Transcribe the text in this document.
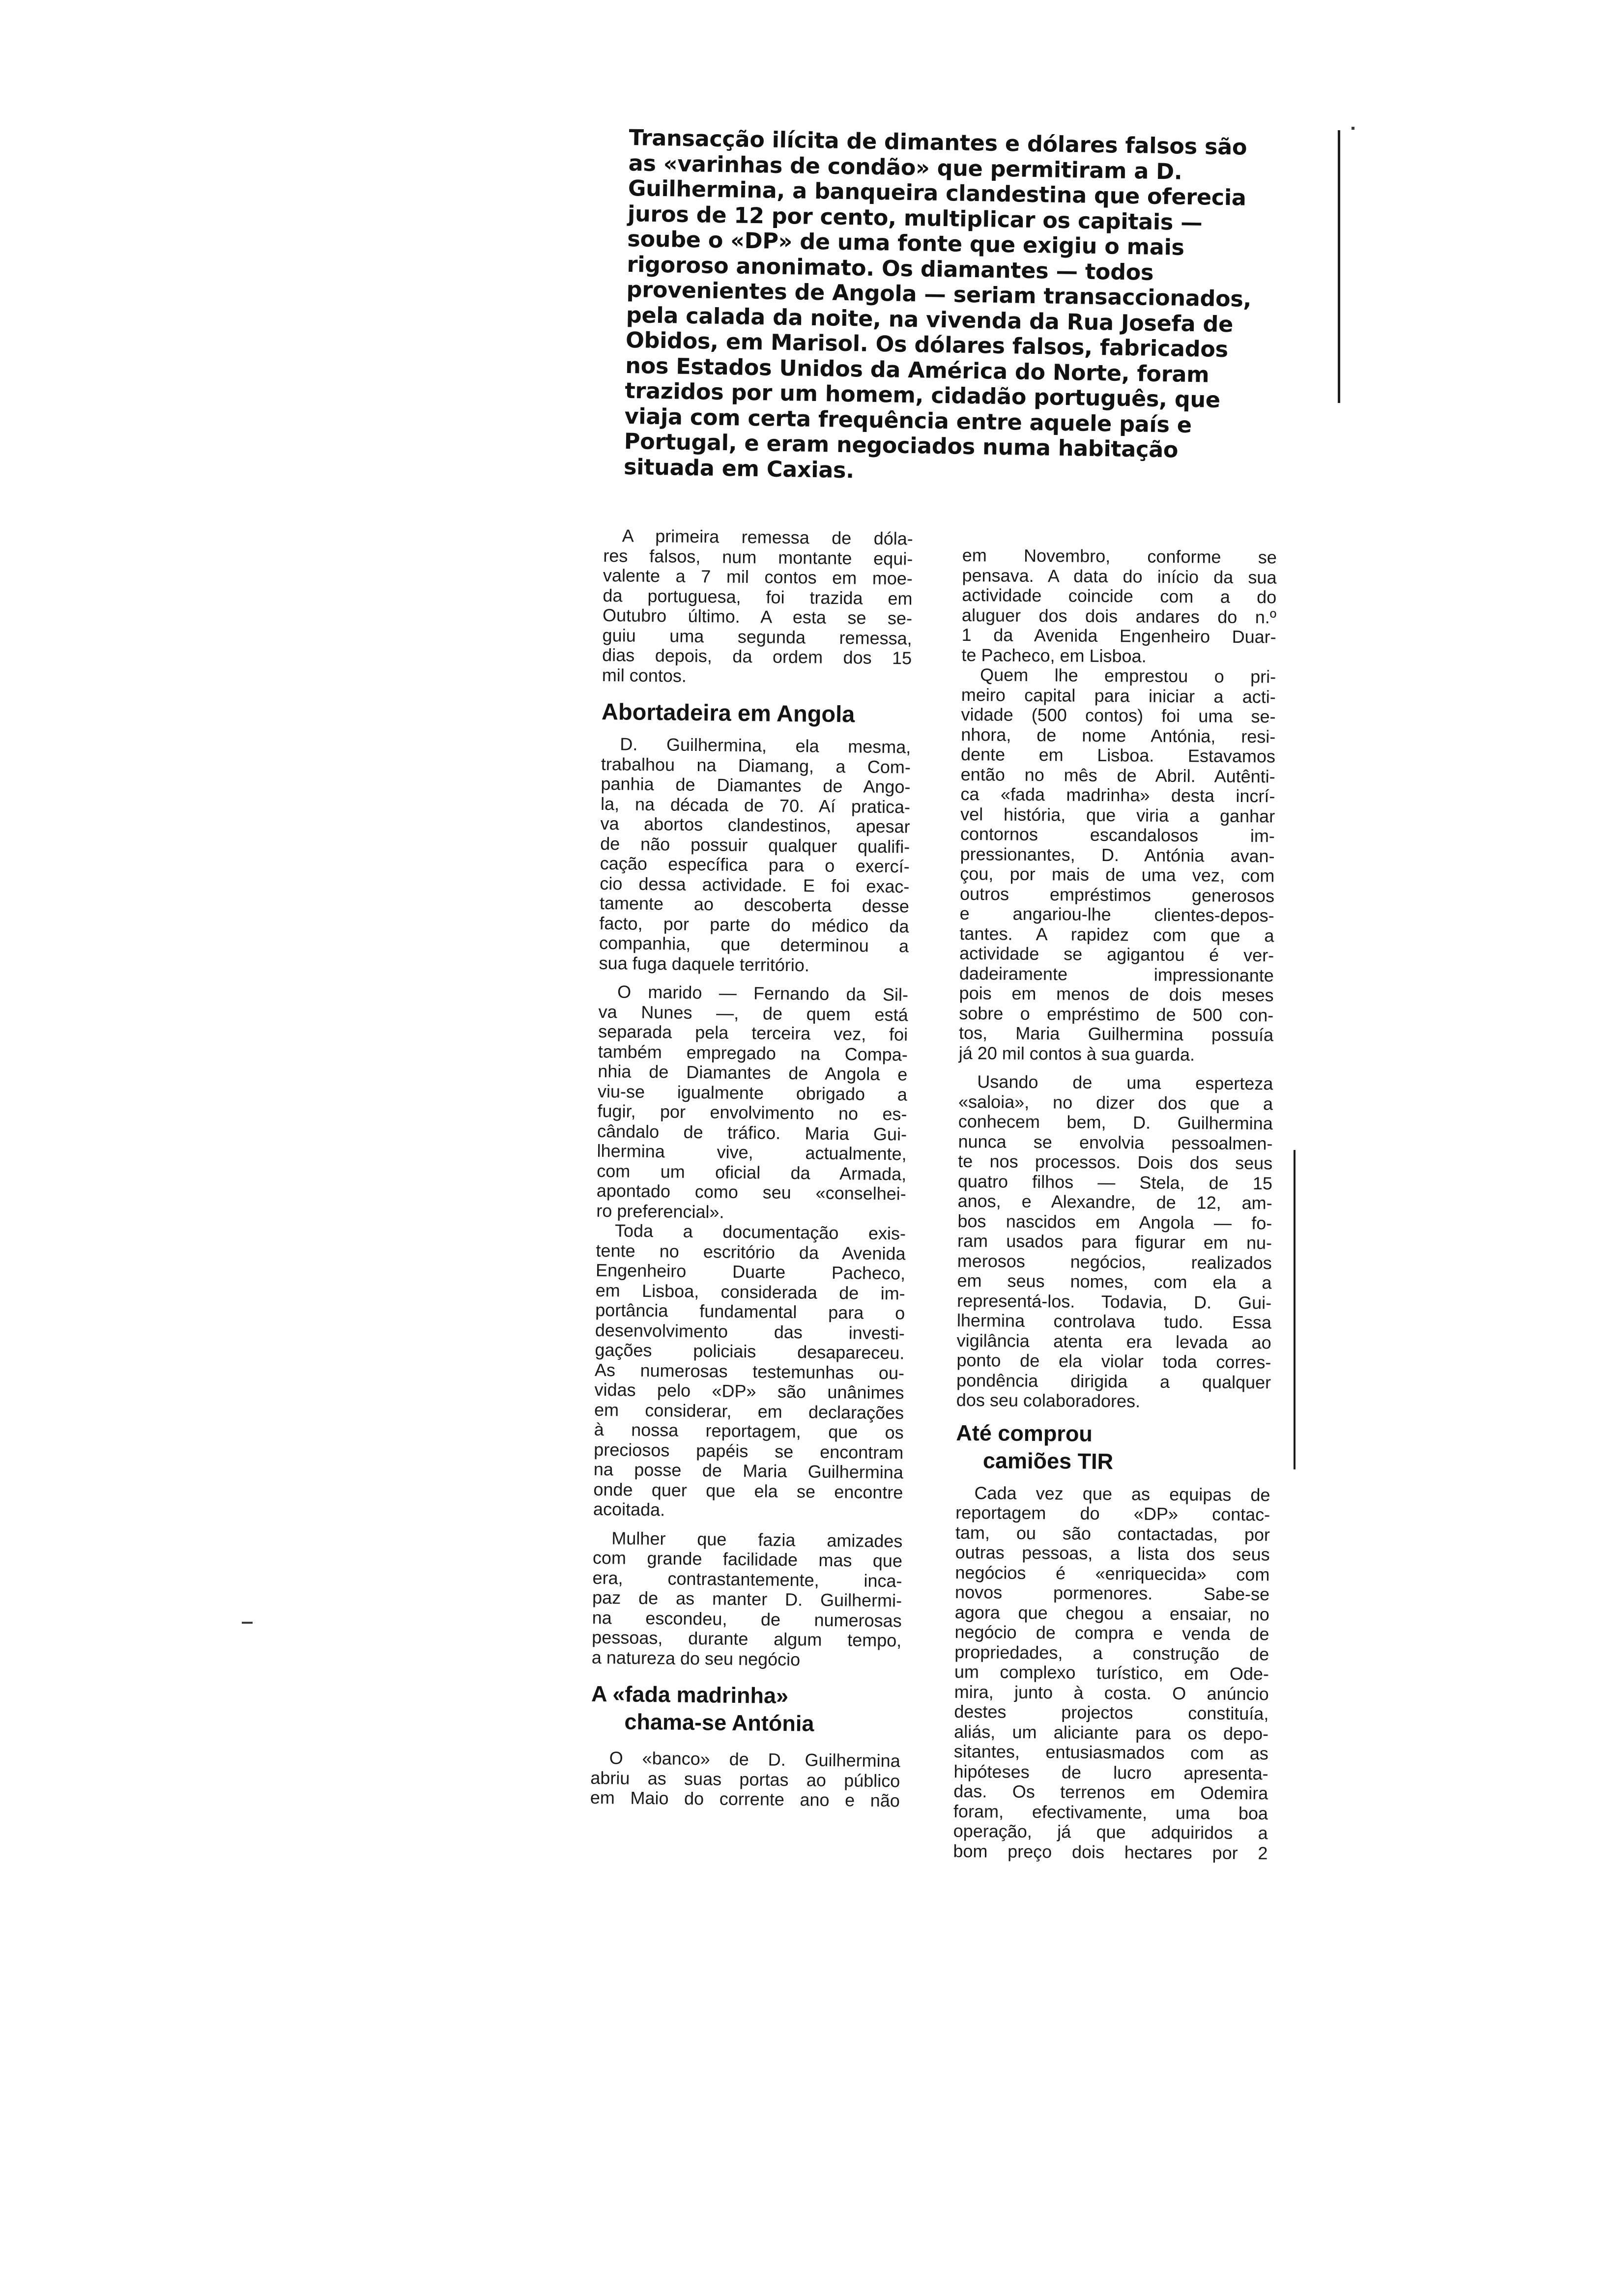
Transacção ilícita de dimantes e dólares falsos são
as «varinhas de condão» que permitiram a D.
Guilhermina, a banqueira clandestina que oferecia
juros de 12 por cento, multiplicar os capitais —
soube o «DP» de uma fonte que exigiu o mais
rigoroso anonimato. Os diamantes — todos
provenientes de Angola — seriam transaccionados,
pela calada da noite, na vivenda da Rua Josefa de
Obidos, em Marisol. Os dólares falsos, fabricados
nos Estados Unidos da América do Norte, foram
trazidos por um homem, cidadão português, que
viaja com certa frequência entre aquele país e
Portugal, e eram negociados numa habitação
situada em Caxias.
A primeira remessa de dóla-
res falsos, num montante equi-
valente a 7 mil contos em moe-
da portuguesa, foi trazida em
Outubro último. A esta se se-
guiu uma segunda remessa,
dias depois, da ordem dos 15
mil contos.
Abortadeira em Angola
D. Guilhermina, ela mesma,
trabalhou na Diamang, a Com-
panhia de Diamantes de Ango-
la, na década de 70. Aí pratica-
va abortos clandestinos, apesar
de não possuir qualquer qualifi-
cação específica para o exercí-
cio dessa actividade. E foi exac-
tamente ao descoberta desse
facto, por parte do médico da
companhia, que determinou a
sua fuga daquele território.
O marido — Fernando da Sil-
va Nunes —, de quem está
separada pela terceira vez, foi
também empregado na Compa-
nhia de Diamantes de Angola e
viu-se igualmente obrigado a
fugir, por envolvimento no es-
cândalo de tráfico. Maria Gui-
lhermina vive, actualmente,
com um oficial da Armada,
apontado como seu «conselhei-
ro preferencial».
Toda a documentação exis-
tente no escritório da Avenida
Engenheiro Duarte Pacheco,
em Lisboa, considerada de im-
portância fundamental para o
desenvolvimento das investi-
gações policiais desapareceu.
As numerosas testemunhas ou-
vidas pelo «DP» são unânimes
em considerar, em declarações
à nossa reportagem, que os
preciosos papéis se encontram
na posse de Maria Guilhermina
onde quer que ela se encontre
acoitada.
Mulher que fazia amizades
com grande facilidade mas que
era, contrastantemente, inca-
paz de as manter D. Guilhermi-
na escondeu, de numerosas
pessoas, durante algum tempo,
a natureza do seu negócio
A «fada madrinha»
chama-se Antónia
O «banco» de D. Guilhermina
abriu as suas portas ao público
em Maio do corrente ano e não
em Novembro, conforme se
pensava. A data do início da sua
actividade coincide com a do
aluguer dos dois andares do n.º
1 da Avenida Engenheiro Duar-
te Pacheco, em Lisboa.
Quem lhe emprestou o pri-
meiro capital para iniciar a acti-
vidade (500 contos) foi uma se-
nhora, de nome Antónia, resi-
dente em Lisboa. Estavamos
então no mês de Abril. Autênti-
ca «fada madrinha» desta incrí-
vel história, que viria a ganhar
contornos escandalosos im-
pressionantes, D. Antónia avan-
çou, por mais de uma vez, com
outros empréstimos generosos
e angariou-lhe clientes-depos-
tantes. A rapidez com que a
actividade se agigantou é ver-
dadeiramente impressionante
pois em menos de dois meses
sobre o empréstimo de 500 con-
tos, Maria Guilhermina possuía
já 20 mil contos à sua guarda.
Usando de uma esperteza
«saloia», no dizer dos que a
conhecem bem, D. Guilhermina
nunca se envolvia pessoalmen-
te nos processos. Dois dos seus
quatro filhos — Stela, de 15
anos, e Alexandre, de 12, am-
bos nascidos em Angola — fo-
ram usados para figurar em nu-
merosos negócios, realizados
em seus nomes, com ela a
representá-los. Todavia, D. Gui-
lhermina controlava tudo. Essa
vigilância atenta era levada ao
ponto de ela violar toda corres-
pondência dirigida a qualquer
dos seu colaboradores.
Até comprou
camiões TIR
Cada vez que as equipas de
reportagem do «DP» contac-
tam, ou são contactadas, por
outras pessoas, a lista dos seus
negócios é «enriquecida» com
novos pormenores. Sabe-se
agora que chegou a ensaiar, no
negócio de compra e venda de
propriedades, a construção de
um complexo turístico, em Ode-
mira, junto à costa. O anúncio
destes projectos constituía,
aliás, um aliciante para os depo-
sitantes, entusiasmados com as
hipóteses de lucro apresenta-
das. Os terrenos em Odemira
foram, efectivamente, uma boa
operação, já que adquiridos a
bom preço dois hectares por 2
